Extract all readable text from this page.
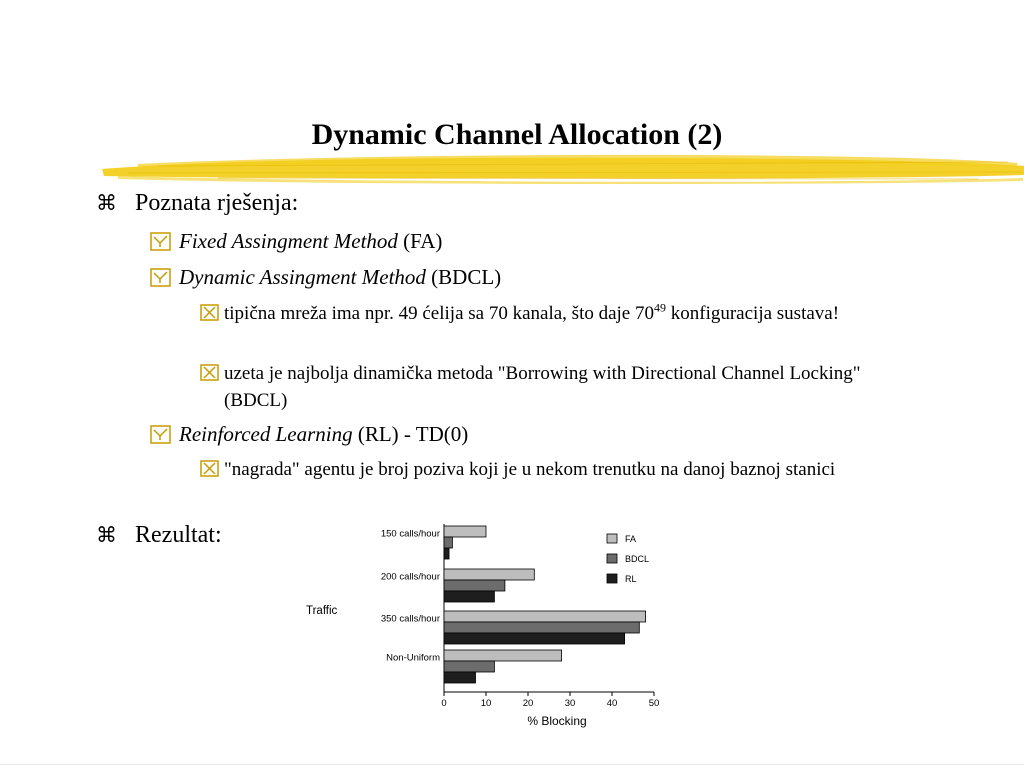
Dynamic Channel Allocation (2)
⌘ Poznata rješenja:
Fixed Assingment Method (FA)
Dynamic Assingment Method (BDCL)
tipična mreža ima npr. 49 ćelija sa 70 kanala, što daje $70^{49}$ konfiguracija sustava!
uzeta je najbolja dinamička metoda "Borrowing with Directional Channel Locking" (BDCL)
Reinforced Learning (RL) - TD(0)
"nagrada" agentu je broj poziva koji je u nekom trenutku na danoj baznoj stanici
⌘ Rezultat:	150 calls/hour
200 calls/hour
350 calls/hour
Non-Uniform
0	10	20	30	40	50
% Blocking
Traffic
FA
BDCL
RL
